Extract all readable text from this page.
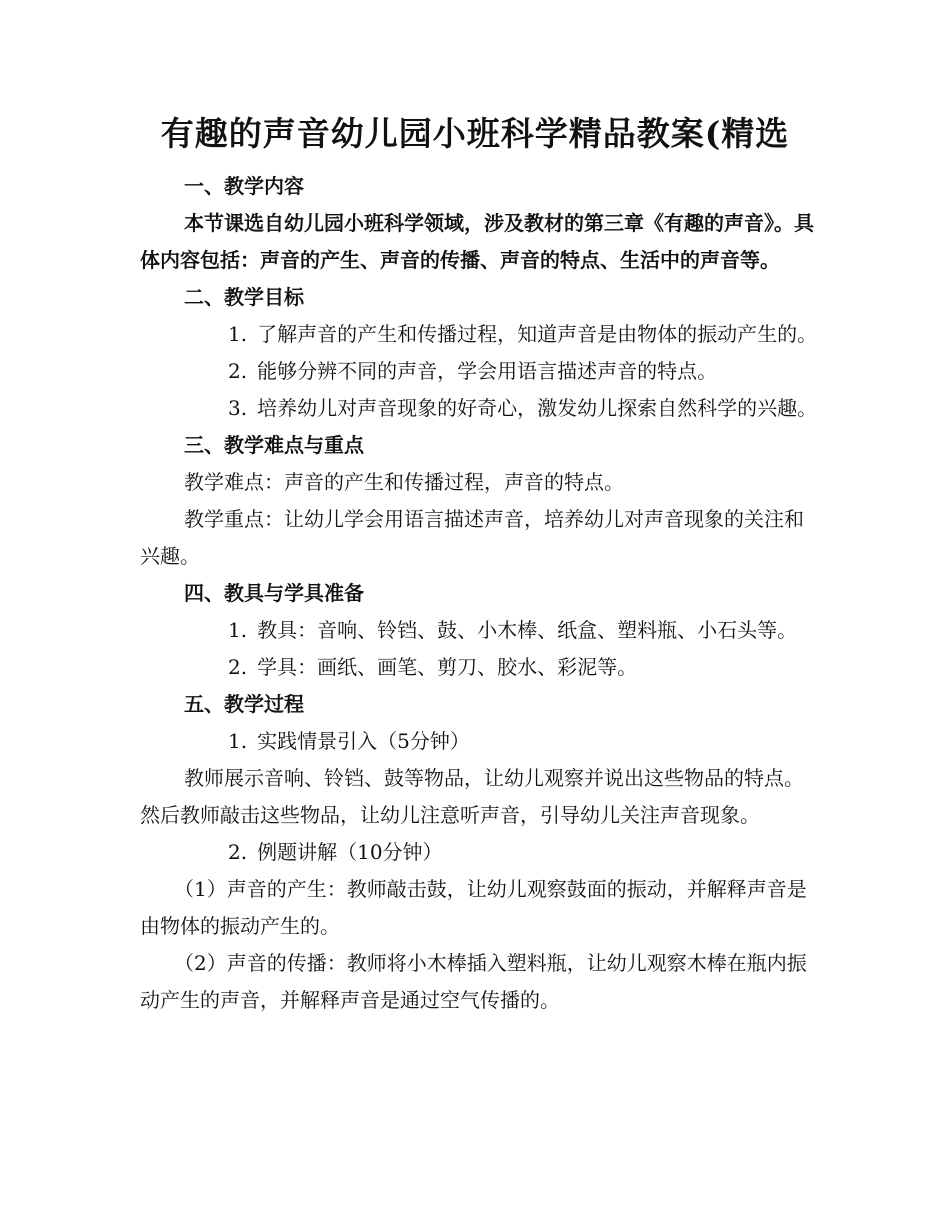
有趣的声音幼儿园小班科学精品教案(精选

一、教学内容

本节课选自幼儿园小班科学领域，涉及教材的第三章《有趣的声音》。具体内容包括：声音的产生、声音的传播、声音的特点、生活中的声音等。

二、教学目标

1. 了解声音的产生和传播过程，知道声音是由物体的振动产生的。

2. 能够分辨不同的声音，学会用语言描述声音的特点。

3. 培养幼儿对声音现象的好奇心，激发幼儿探索自然科学的兴趣。

三、教学难点与重点

教学难点：声音的产生和传播过程，声音的特点。

教学重点：让幼儿学会用语言描述声音，培养幼儿对声音现象的关注和兴趣。

四、教具与学具准备

1. 教具：音响、铃铛、鼓、小木棒、纸盒、塑料瓶、小石头等。

2. 学具：画纸、画笔、剪刀、胶水、彩泥等。

五、教学过程

1. 实践情景引入（5分钟）

教师展示音响、铃铛、鼓等物品，让幼儿观察并说出这些物品的特点。然后教师敲击这些物品，让幼儿注意听声音，引导幼儿关注声音现象。

2. 例题讲解（10分钟）

（1）声音的产生：教师敲击鼓，让幼儿观察鼓面的振动，并解释声音是由物体的振动产生的。

（2）声音的传播：教师将小木棒插入塑料瓶，让幼儿观察木棒在瓶内振动产生的声音，并解释声音是通过空气传播的。
